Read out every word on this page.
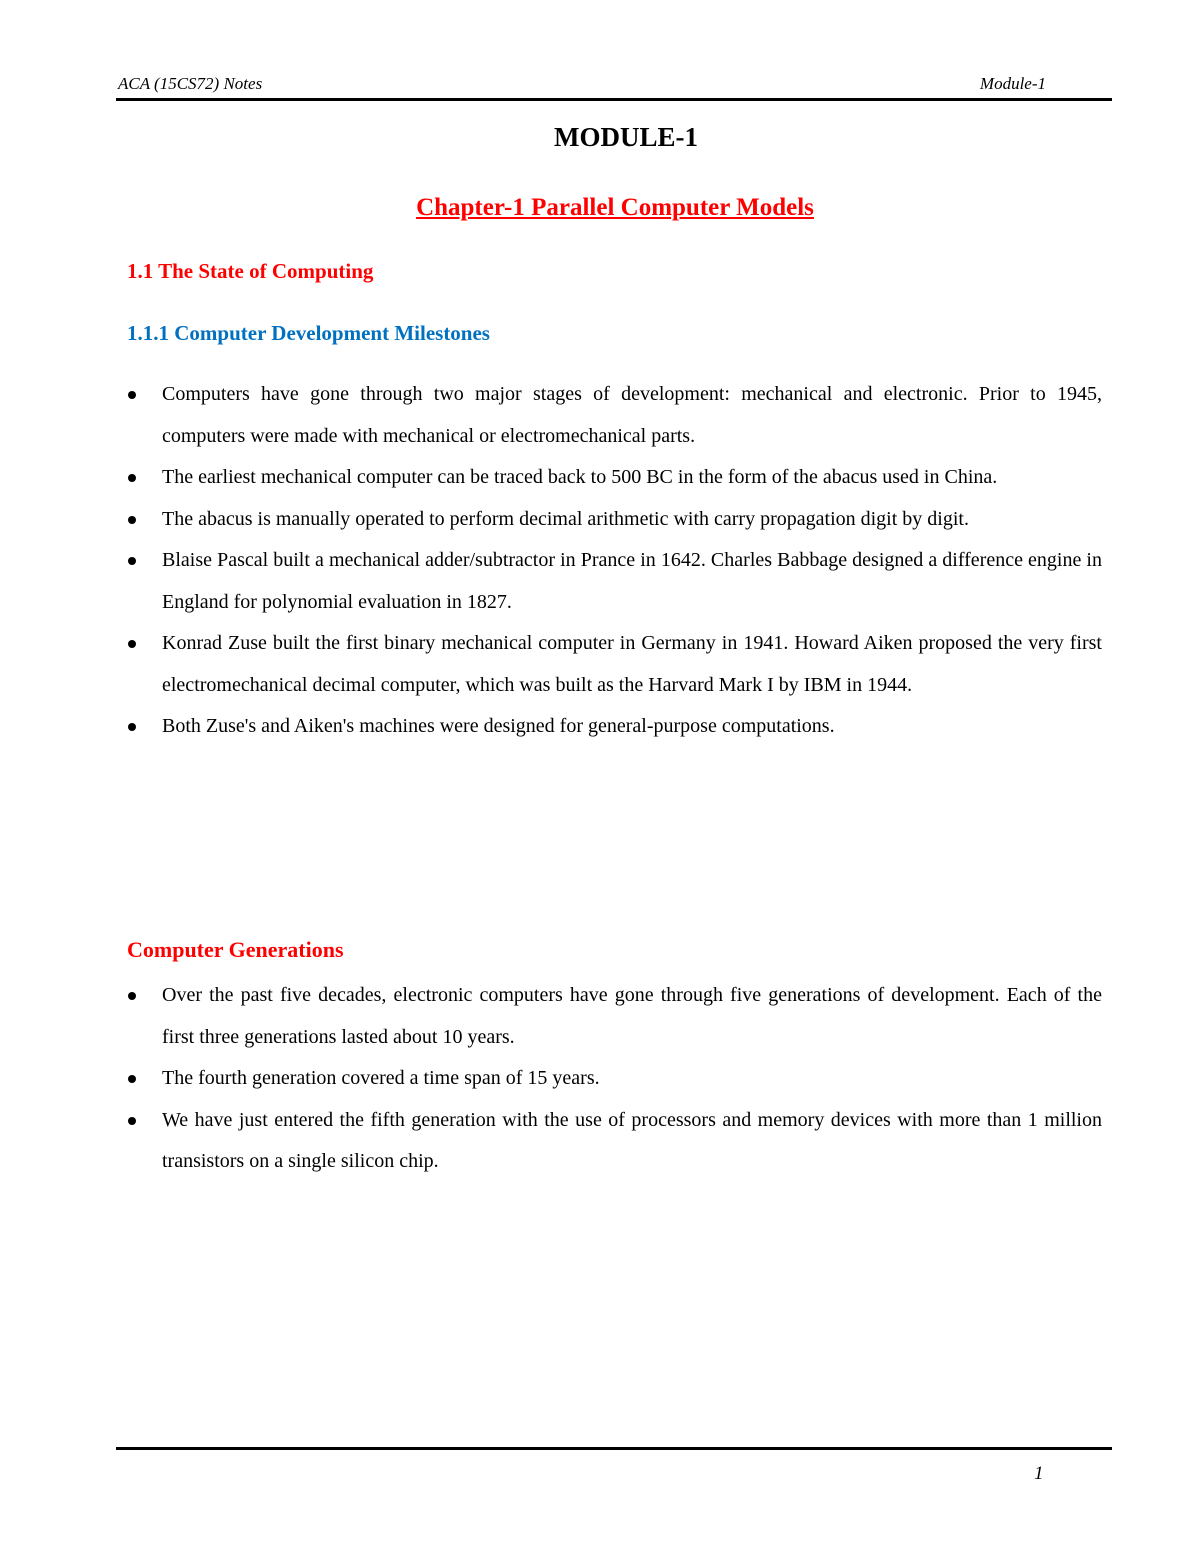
ACA (15CS72) Notes	Module-1
MODULE-1
Chapter-1 Parallel Computer Models
1.1 The State of Computing
1.1.1 Computer Development Milestones
Computers have gone through two major stages of development: mechanical and electronic. Prior to 1945, computers were made with mechanical or electromechanical parts.
The earliest mechanical computer can be traced back to 500 BC in the form of the abacus used in China.
The abacus is manually operated to perform decimal arithmetic with carry propagation digit by digit.
Blaise Pascal built a mechanical adder/subtractor in Prance in 1642. Charles Babbage designed a difference engine in England for polynomial evaluation in 1827.
Konrad Zuse built the first binary mechanical computer in Germany in 1941. Howard Aiken proposed the very first electromechanical decimal computer, which was built as the Harvard Mark I by IBM in 1944.
Both Zuse's and Aiken's machines were designed for general-purpose computations.
Computer Generations
Over the past five decades, electronic computers have gone through five generations of development. Each of the first three generations lasted about 10 years.
The fourth generation covered a time span of 15 years.
We have just entered the fifth generation with the use of processors and memory devices with more than 1 million transistors on a single silicon chip.
1
